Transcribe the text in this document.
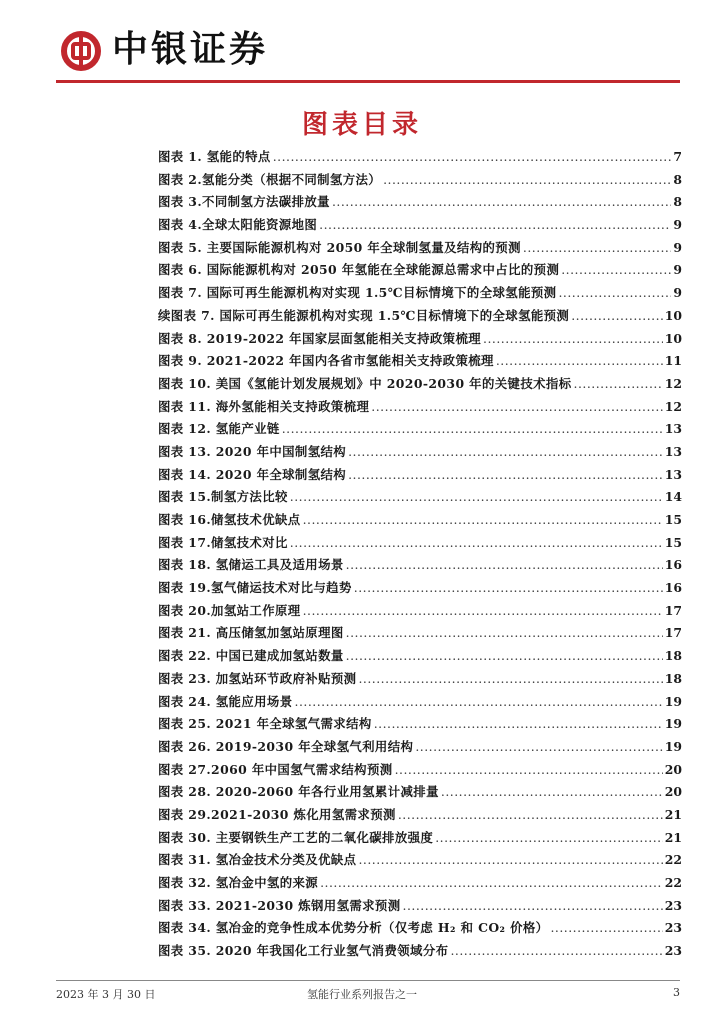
中银证券
图表目录
图表 1. 氢能的特点 .....	7
图表 2.氢能分类（根据不同制氢方法） .....	8
图表 3.不同制氢方法碳排放量 .....	8
图表 4.全球太阳能资源地图 .....	9
图表 5. 主要国际能源机构对 2050 年全球制氢量及结构的预测 .....	9
图表 6. 国际能源机构对 2050 年氢能在全球能源总需求中占比的预测 .....	9
图表 7. 国际可再生能源机构对实现 1.5℃目标情境下的全球氢能预测 .....	9
续图表 7. 国际可再生能源机构对实现 1.5℃目标情境下的全球氢能预测 .....	10
图表 8. 2019-2022 年国家层面氢能相关支持政策梳理 .....	10
图表 9. 2021-2022 年国内各省市氢能相关支持政策梳理 .....	11
图表 10. 美国《氢能计划发展规划》中 2020-2030 年的关键技术指标 .....	12
图表 11. 海外氢能相关支持政策梳理 .....	12
图表 12. 氢能产业链 .....	13
图表 13. 2020 年中国制氢结构 .....	13
图表 14. 2020 年全球制氢结构 .....	13
图表 15.制氢方法比较 .....	14
图表 16.储氢技术优缺点 .....	15
图表 17.储氢技术对比 .....	15
图表 18. 氢储运工具及适用场景 .....	16
图表 19.氢气储运技术对比与趋势 .....	16
图表 20.加氢站工作原理 .....	17
图表 21. 高压储氢加氢站原理图 .....	17
图表 22. 中国已建成加氢站数量 .....	18
图表 23. 加氢站环节政府补贴预测 .....	18
图表 24. 氢能应用场景 .....	19
图表 25. 2021 年全球氢气需求结构 .....	19
图表 26. 2019-2030 年全球氢气利用结构 .....	19
图表 27.2060 年中国氢气需求结构预测 .....	20
图表 28. 2020-2060 年各行业用氢累计减排量 .....	20
图表 29.2021-2030 炼化用氢需求预测 .....	21
图表 30. 主要钢铁生产工艺的二氧化碳排放强度 .....	21
图表 31. 氢冶金技术分类及优缺点 .....	22
图表 32. 氢冶金中氢的来源 .....	22
图表 33. 2021-2030 炼钢用氢需求预测 .....	23
图表 34. 氢冶金的竞争性成本优势分析（仅考虑 H₂ 和 CO₂ 价格） .....	23
图表 35. 2020 年我国化工行业氢气消费领域分布 .....	23
2023 年 3 月 30 日	氢能行业系列报告之一	3
